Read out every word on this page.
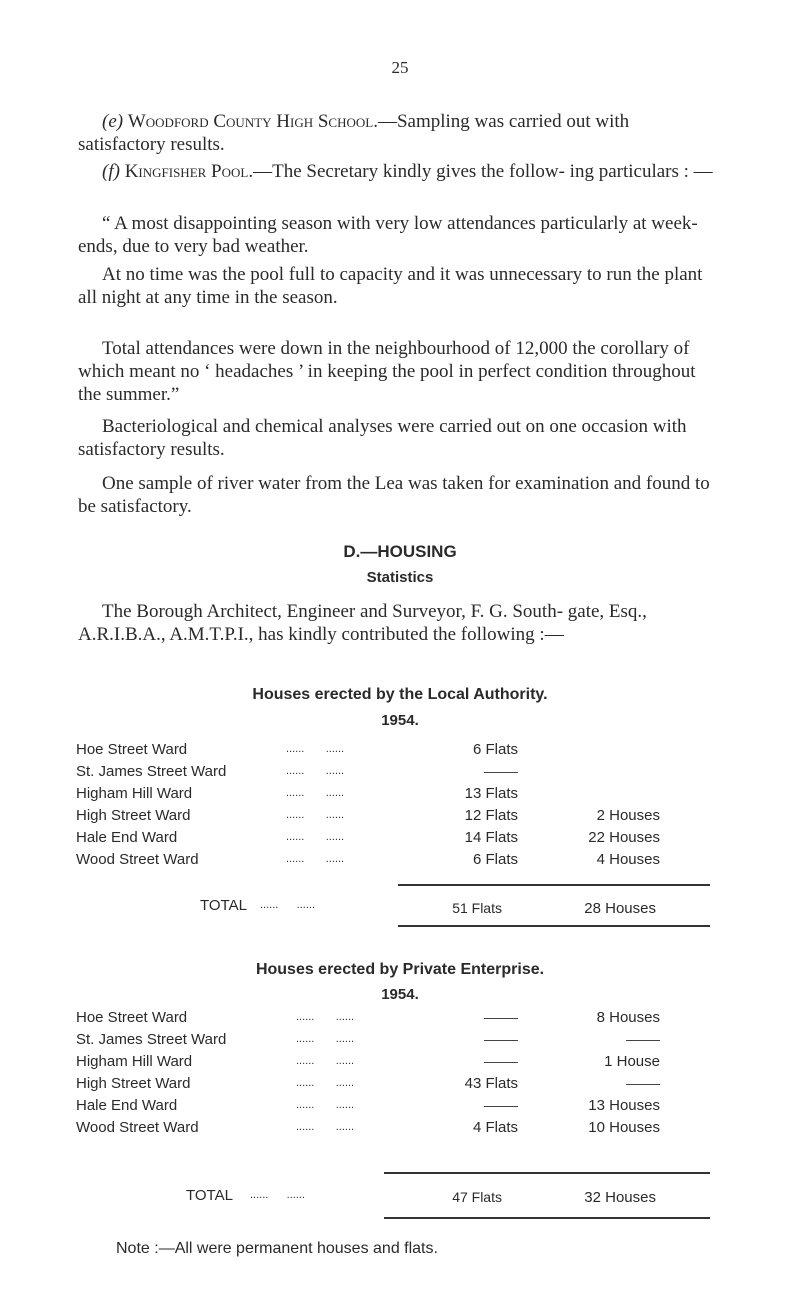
25
(e) Woodford County High School.—Sampling was carried out with satisfactory results.
(f) Kingfisher Pool.—The Secretary kindly gives the follow- ing particulars : —
“ A most disappointing season with very low attendances particularly at week-ends, due to very bad weather.
At no time was the pool full to capacity and it was unnecessary to run the plant all night at any time in the season.
Total attendances were down in the neighbourhood of 12,000 the corollary of which meant no ‘ headaches ’ in keeping the pool in perfect condition throughout the summer.”
Bacteriological and chemical analyses were carried out on one occasion with satisfactory results.
One sample of river water from the Lea was taken for examination and found to be satisfactory.
D.—HOUSING
Statistics
The Borough Architect, Engineer and Surveyor, F. G. South- gate, Esq., A.R.I.B.A., A.M.T.P.I., has kindly contributed the following :—
Houses erected by the Local Authority.
1954.
Hoe Street Ward	......       ......	6 Flats
St. James Street Ward	......       ......
Higham Hill Ward	......       ......	13 Flats
High Street Ward	......       ......	12 Flats	2 Houses
Hale End Ward	......       ......	14 Flats	22 Houses
Wood Street Ward	......       ......	6 Flats	4 Houses
TOTAL ......      ......	51 Flats	28 Houses
Houses erected by Private Enterprise.
1954.
Hoe Street Ward	......       ......	8 Houses
St. James Street Ward	......       ......
Higham Hill Ward	......       ......	1 House
High Street Ward	......       ......	43 Flats
Hale End Ward	......       ......	13 Houses
Wood Street Ward	......       ......	4 Flats	10 Houses
TOTAL ......      ......	47 Flats	32 Houses
Note :—All were permanent houses and flats.
